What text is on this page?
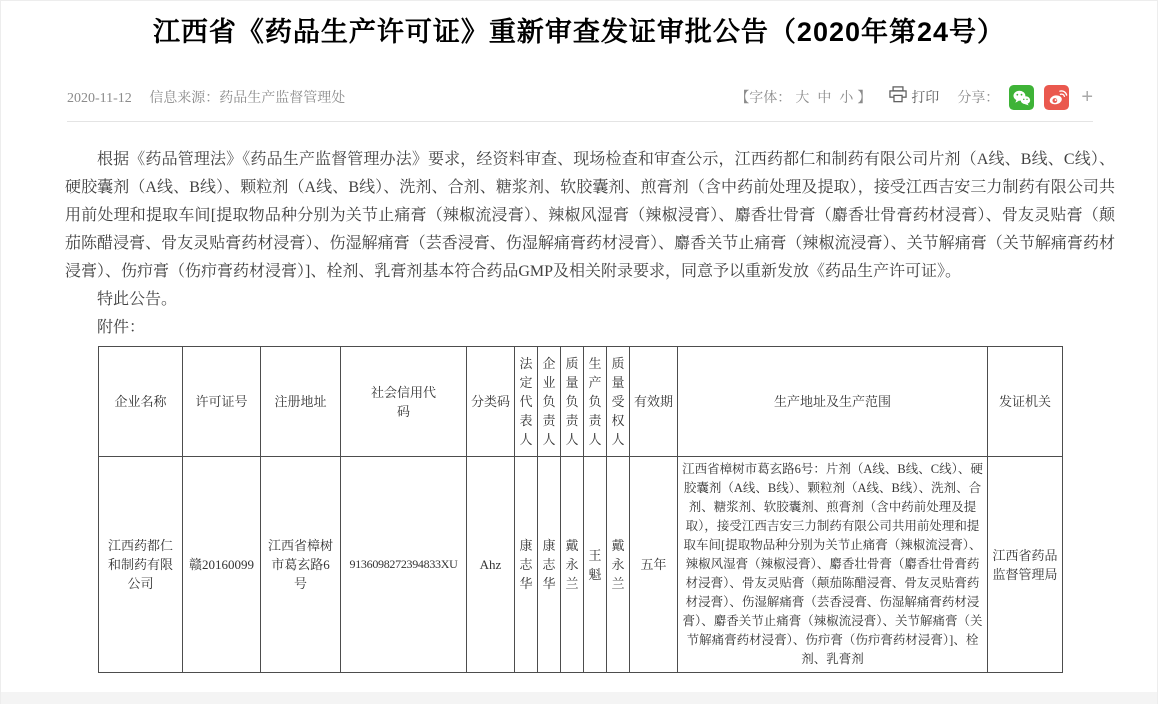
江西省《药品生产许可证》重新审查发证审批公告（2020年第24号）
2020-11-12 信息来源：药品生产监督管理处	【字体： 大 中 小 】	打印 分享：	+

根据《药品管理法》《药品生产监督管理办法》要求，经资料审查、现场检查和审查公示，江西药都仁和制药有限公司片剂（A线、B线、C线）、硬胶囊剂（A线、B线）、颗粒剂（A线、B线）、洗剂、合剂、糖浆剂、软胶囊剂、煎膏剂（含中药前处理及提取），接受江西吉安三力制药有限公司共用前处理和提取车间[提取物品种分别为关节止痛膏（辣椒流浸膏）、辣椒风湿膏（辣椒浸膏）、麝香壮骨膏（麝香壮骨膏药材浸膏）、骨友灵贴膏（颠茄陈醋浸膏、骨友灵贴膏药材浸膏）、伤湿解痛膏（芸香浸膏、伤湿解痛膏药材浸膏）、麝香关节止痛膏（辣椒流浸膏）、关节解痛膏（关节解痛膏药材浸膏）、伤疖膏（伤疖膏药材浸膏）]、栓剂、乳膏剂基本符合药品GMP及相关附录要求，同意予以重新发放《药品生产许可证》。

特此公告。

附件：

企业名称	许可证号	注册地址	社会信用代码	分类码	法定代表人	企业负责人	质量负责人	生产负责人	质量受权人	有效期	生产地址及生产范围	发证机关
江西药都仁和制药有限公司	赣20160099	江西省樟树市葛玄路6号	9136098272394833XU	Ahz	康志华	康志华	戴永兰	王魁	戴永兰	五年	江西省樟树市葛玄路6号：片剂（A线、B线、C线）、硬胶囊剂（A线、B线）、颗粒剂（A线、B线）、洗剂、合剂、糖浆剂、软胶囊剂、煎膏剂（含中药前处理及提取），接受江西吉安三力制药有限公司共用前处理和提取车间[提取物品种分别为关节止痛膏（辣椒流浸膏）、辣椒风湿膏（辣椒浸膏）、麝香壮骨膏（麝香壮骨膏药材浸膏）、骨友灵贴膏（颠茄陈醋浸膏、骨友灵贴膏药材浸膏）、伤湿解痛膏（芸香浸膏、伤湿解痛膏药材浸膏）、麝香关节止痛膏（辣椒流浸膏）、关节解痛膏（关节解痛膏药材浸膏）、伤疖膏（伤疖膏药材浸膏）]、栓剂、乳膏剂	江西省药品监督管理局
